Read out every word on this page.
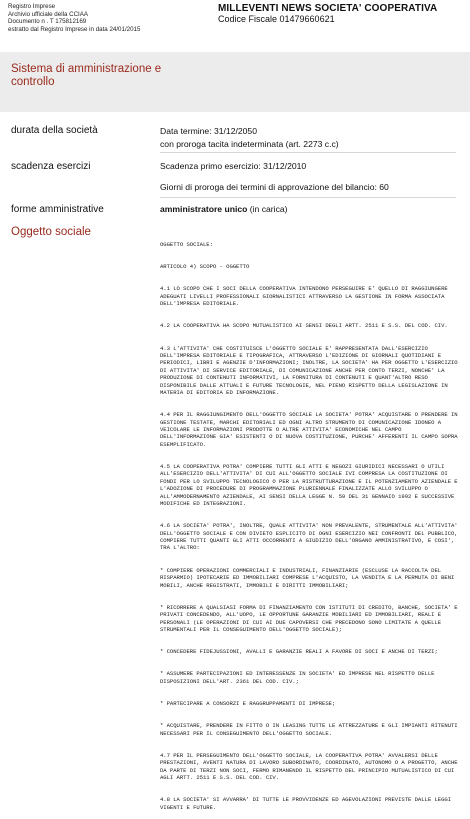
Registro Imprese
Archivio ufficiale della CCIAA
Documento n . T 175812169
estratto dal Registro Imprese in data 24/01/2015
MILLEVENTI NEWS SOCIETA' COOPERATIVA
Codice Fiscale 01479660621
Sistema di amministrazione e controllo
durata della società	Data termine: 31/12/2050
con proroga tacita indeterminata (art. 2273 c.c)
scadenza esercizi	Scadenza primo esercizio: 31/12/2010
Giorni di proroga dei termini di approvazione del bilancio: 60
forme amministrative	amministratore unico (in carica)
Oggetto sociale

OGGETTO SOCIALE:

ARTICOLO 4) SCOPO - OGGETTO

4.1 LO SCOPO CHE I SOCI DELLA COOPERATIVA INTENDONO PERSEGUIRE E' QUELLO DI RAGGIUNGERE ADEGUATI LIVELLI PROFESSIONALI GIORNALISTICI ATTRAVERSO LA GESTIONE IN FORMA ASSOCIATA DELL'IMPRESA EDITORIALE.

4.2 LA COOPERATIVA HA SCOPO MUTUALISTICO AI SENSI DEGLI ARTT. 2511 E S.S. DEL COD. CIV.

4.3 L'ATTIVITA' CHE COSTITUISCE L'OGGETTO SOCIALE E' RAPPRESENTATA DALL'ESERCIZIO DELL'IMPRESA EDITORIALE E TIPOGRAFICA, ATTRAVERSO L'EDIZIONE DI GIORNALI QUOTIDIANI E PERIODICI, LIBRI E AGENZIE D'INFORMAZIONI; INOLTRE, LA SOCIETA' HA PER OGGETTO L'ESERCIZIO DI ATTIVITA' DI SERVICE EDITORIALE, DI COMUNICAZIONE ANCHE PER CONTO TERZI, NONCHE' LA PRODUZIONE DI CONTENUTI INFORMATIVI, LA FORNITURA DI CONTENUTI E QUANT'ALTRO RESO DISPONIBILE DALLE ATTUALI E FUTURE TECNOLOGIE, NEL PIENO RISPETTO DELLA LEGISLAZIONE IN MATERIA DI EDITORIA ED INFORMAZIONE.

4.4 PER IL RAGGIUNGIMENTO DELL'OGGETTO SOCIALE LA SOCIETA' POTRA' ACQUISTARE O PRENDERE IN GESTIONE TESTATE, MARCHI EDITORIALI ED OGNI ALTRO STRUMENTO DI COMUNICAZIONE IDONEO A VEICOLARE LE INFORMAZIONI PRODOTTE O ALTRE ATTIVITA' ECONOMICHE NEL CAMPO DELL'INFORMAZIONE GIA' ESISTENTI O DI NUOVA COSTITUZIONE, PURCHE' AFFERENTI IL CAMPO SOPRA ESEMPLIFICATO.

4.5 LA COOPERATIVA POTRA' COMPIERE TUTTI GLI ATTI E NEGOZI GIURIDICI NECESSARI O UTILI ALL'ESERCIZIO DELL'ATTIVITA' DI CUI ALL'OGGETTO SOCIALE IVI COMPRESA LA COSTITUZIONE DI FONDI PER LO SVILUPPO TECNOLOGICO O PER LA RISTRUTTURAZIONE E IL POTENZIAMENTO AZIENDALE E L'ADOZIONE DI PROCEDURE DI PROGRAMMAZIONE PLURIENNALE FINALIZZATE ALLO SVILUPPO O ALL'AMMODERNAMENTO AZIENDALE, AI SENSI DELLA LEGGE N. 59 DEL 31 GENNAIO 1992 E SUCCESSIVE MODIFICHE ED INTEGRAZIONI.

4.6 LA SOCIETA' POTRA', INOLTRE, QUALE ATTIVITA' NON PREVALENTE, STRUMENTALE ALL'ATTIVITA' DELL'OGGETTO SOCIALE E CON DIVIETO ESPLICITO DI OGNI ESERCIZIO NEI CONFRONTI DEL PUBBLICO, COMPIERE TUTTI QUANTI GLI ATTI OCCORRENTI A GIUDIZIO DELL'ORGANO AMMINISTRATIVO, E COSI', TRA L'ALTRO:

* COMPIERE OPERAZIONI COMMERCIALI E INDUSTRIALI, FINANZIARIE (ESCLUSE LA RACCOLTA DEL RISPARMIO) IPOTECARIE ED IMMOBILIARI COMPRESE L'ACQUISTO, LA VENDITA E LA PERMUTA DI BENI MOBILI, ANCHE REGISTRATI, IMMOBILI E DIRITTI IMMOBILIARI;

* RICORRERE A QUALSIASI FORMA DI FINANZIAMENTO CON ISTITUTI DI CREDITO, BANCHE, SOCIETA' E PRIVATI CONCEDENDO, ALL'UOPO, LE OPPORTUNE GARANZIE MOBILIARI ED IMMOBILIARI, REALI E PERSONALI (LE OPERAZIONI DI CUI AI DUE CAPOVERSI CHE PRECEDONO SONO LIMITATE A QUELLE STRUMENTALI PER IL CONSEGUIMENTO DELL'OGGETTO SOCIALE);

* CONCEDERE FIDEJUSSIONI, AVALLI E GARANZIE REALI A FAVORE DI SOCI E ANCHE DI TERZI;

* ASSUMERE PARTECIPAZIONI ED INTERESSENZE IN SOCIETA' ED IMPRESE NEL RISPETTO DELLE DISPOSIZIONI DELL'ART. 2361 DEL COD. CIV.;

* PARTECIPARE A CONSORZI E RAGGRUPPAMENTI DI IMPRESE;

* ACQUISTARE, PRENDERE IN FITTO O IN LEASING TUTTE LE ATTREZZATURE E GLI IMPIANTI RITENUTI NECESSARI PER IL CONSEGUIMENTO DELL'OGGETTO SOCIALE.

4.7 PER IL PERSEGUIMENTO DELL'OGGETTO SOCIALE, LA COOPERATIVA POTRA' AVVALERSI DELLE PRESTAZIONI, AVENTI NATURA DI LAVORO SUBORDINATO, COORDINATO, AUTONOMO O A PROGETTO, ANCHE DA PARTE DI TERZI NON SOCI, FERMO RIMANENDO IL RISPETTO DEL PRINCIPIO MUTUALISTICO DI CUI AGLI ARTT. 2511 E S.S. DEL COD. CIV.

4.8 LA SOCIETA' SI AVVARRA' DI TUTTE LE PROVVIDENZE ED AGEVOLAZIONI PREVISTE DALLE LEGGI VIGENTI E FUTURE.
